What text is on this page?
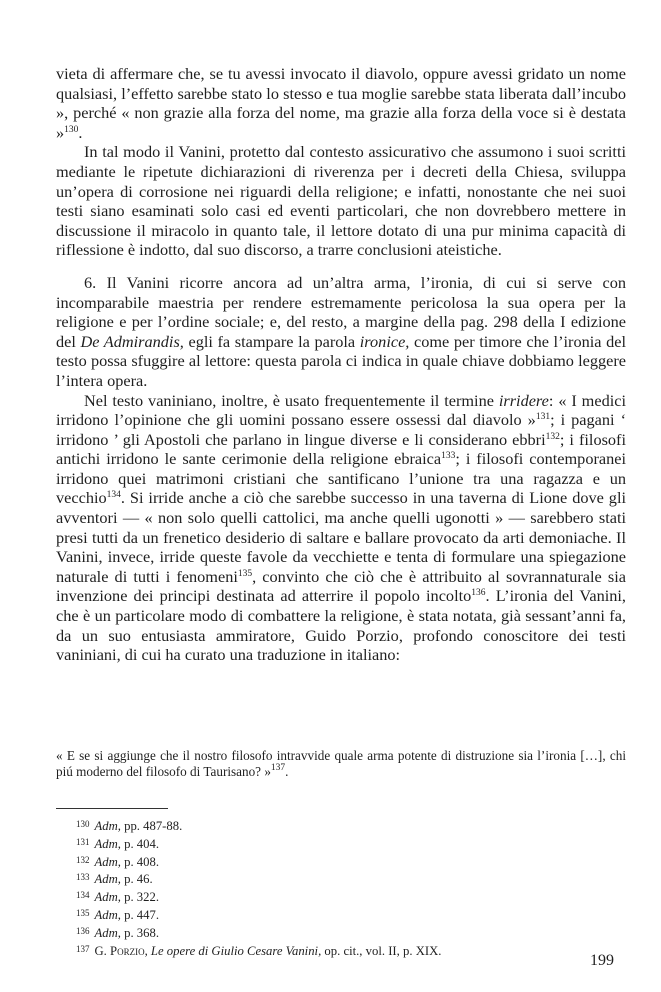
vieta di affermare che, se tu avessi invocato il diavolo, oppure avessi gridato un nome qualsiasi, l’effetto sarebbe stato lo stesso e tua moglie sarebbe stata liberata dall’incubo », perché « non grazie alla forza del nome, ma grazie alla forza della voce si è destata »$^{130}$.

In tal modo il Vanini, protetto dal contesto assicurativo che assumono i suoi scritti mediante le ripetute dichiarazioni di riverenza per i decreti della Chiesa, sviluppa un’opera di corrosione nei riguardi della religione; e infatti, nonostante che nei suoi testi siano esaminati solo casi ed eventi particolari, che non dovrebbero mettere in discussione il miracolo in quanto tale, il lettore dotato di una pur minima capacità di riflessione è indotto, dal suo discorso, a trarre conclusioni ateistiche.

6. Il Vanini ricorre ancora ad un’altra arma, l’ironia, di cui si serve con incomparabile maestria per rendere estremamente pericolosa la sua opera per la religione e per l’ordine sociale; e, del resto, a margine della pag. 298 della I edizione del De Admirandis, egli fa stampare la parola ironice, come per timore che l’ironia del testo possa sfuggire al lettore: questa parola ci indica in quale chiave dobbiamo leggere l’intera opera.

Nel testo vaniniano, inoltre, è usato frequentemente il termine irridere: « I medici irridono l’opinione che gli uomini possano essere ossessi dal diavolo »$^{131}$; i pagani ‘ irridono ’ gli Apostoli che parlano in lingue diverse e li considerano ebbri$^{132}$; i filosofi antichi irridono le sante cerimonie della religione ebraica$^{133}$; i filosofi contemporanei irridono quei matrimoni cristiani che santificano l’unione tra una ragazza e un vecchio$^{134}$. Si irride anche a ciò che sarebbe successo in una taverna di Lione dove gli avventori — « non solo quelli cattolici, ma anche quelli ugonotti » — sarebbero stati presi tutti da un frenetico desiderio di saltare e ballare provocato da arti demoniache. Il Vanini, invece, irride queste favole da vecchiette e tenta di formulare una spiegazione naturale di tutti i fenomeni$^{135}$, convinto che ciò che è attribuito al sovrannaturale sia invenzione dei principi destinata ad atterrire il popolo incolto$^{136}$. L’ironia del Vanini, che è un particolare modo di combattere la religione, è stata notata, già sessant’anni fa, da un suo entusiasta ammiratore, Guido Porzio, profondo conoscitore dei testi vaniniani, di cui ha curato una traduzione in italiano:

« E se si aggiunge che il nostro filosofo intravvide quale arma potente di distruzione sia l’ironia […], chi piú moderno del filosofo di Taurisano? »$^{137}$.

$^{130}$ Adm, pp. 487-88.
$^{131}$ Adm, p. 404.
$^{132}$ Adm, p. 408.
$^{133}$ Adm, p. 46.
$^{134}$ Adm, p. 322.
$^{135}$ Adm, p. 447.
$^{136}$ Adm, p. 368.
$^{137}$ G. Porzio, Le opere di Giulio Cesare Vanini, op. cit., vol. II, p. XIX.
199
